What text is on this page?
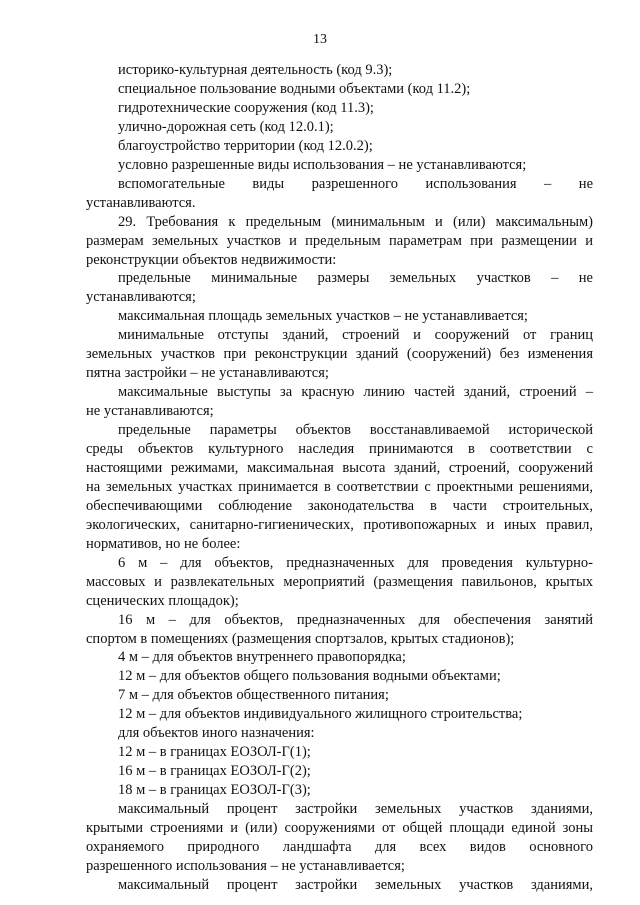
13
историко-культурная деятельность (код 9.3);
специальное пользование водными объектами (код 11.2);
гидротехнические сооружения (код 11.3);
улично-дорожная сеть (код 12.0.1);
благоустройство территории (код 12.0.2);
условно разрешенные виды использования – не устанавливаются;
вспомогательные виды разрешенного использования – не
устанавливаются.
29. Требования к предельным (минимальным и (или) максимальным)
размерам земельных участков и предельным параметрам при размещении и
реконструкции объектов недвижимости:
предельные минимальные размеры земельных участков – не
устанавливаются;
максимальная площадь земельных участков – не устанавливается;
минимальные отступы зданий, строений и сооружений от границ
земельных участков при реконструкции зданий (сооружений) без изменения
пятна застройки – не устанавливаются;
максимальные выступы за красную линию частей зданий, строений –
не устанавливаются;
предельные параметры объектов восстанавливаемой исторической
среды объектов культурного наследия принимаются в соответствии с
настоящими режимами, максимальная высота зданий, строений, сооружений
на земельных участках принимается в соответствии с проектными решениями,
обеспечивающими соблюдение законодательства в части строительных,
экологических, санитарно-гигиенических, противопожарных и иных правил,
нормативов, но не более:
6 м – для объектов, предназначенных для проведения культурно-
массовых и развлекательных мероприятий (размещения павильонов, крытых
сценических площадок);
16 м – для объектов, предназначенных для обеспечения занятий
спортом в помещениях (размещения спортзалов, крытых стадионов);
4 м – для объектов внутреннего правопорядка;
12 м – для объектов общего пользования водными объектами;
7 м – для объектов общественного питания;
12 м – для объектов индивидуального жилищного строительства;
для объектов иного назначения:
12 м – в границах ЕОЗОЛ-Г(1);
16 м – в границах ЕОЗОЛ-Г(2);
18 м – в границах ЕОЗОЛ-Г(3);
максимальный процент застройки земельных участков зданиями,
крытыми строениями и (или) сооружениями от общей площади единой зоны
охраняемого природного ландшафта для всех видов основного
разрешенного использования – не устанавливается;
максимальный процент застройки земельных участков зданиями,
